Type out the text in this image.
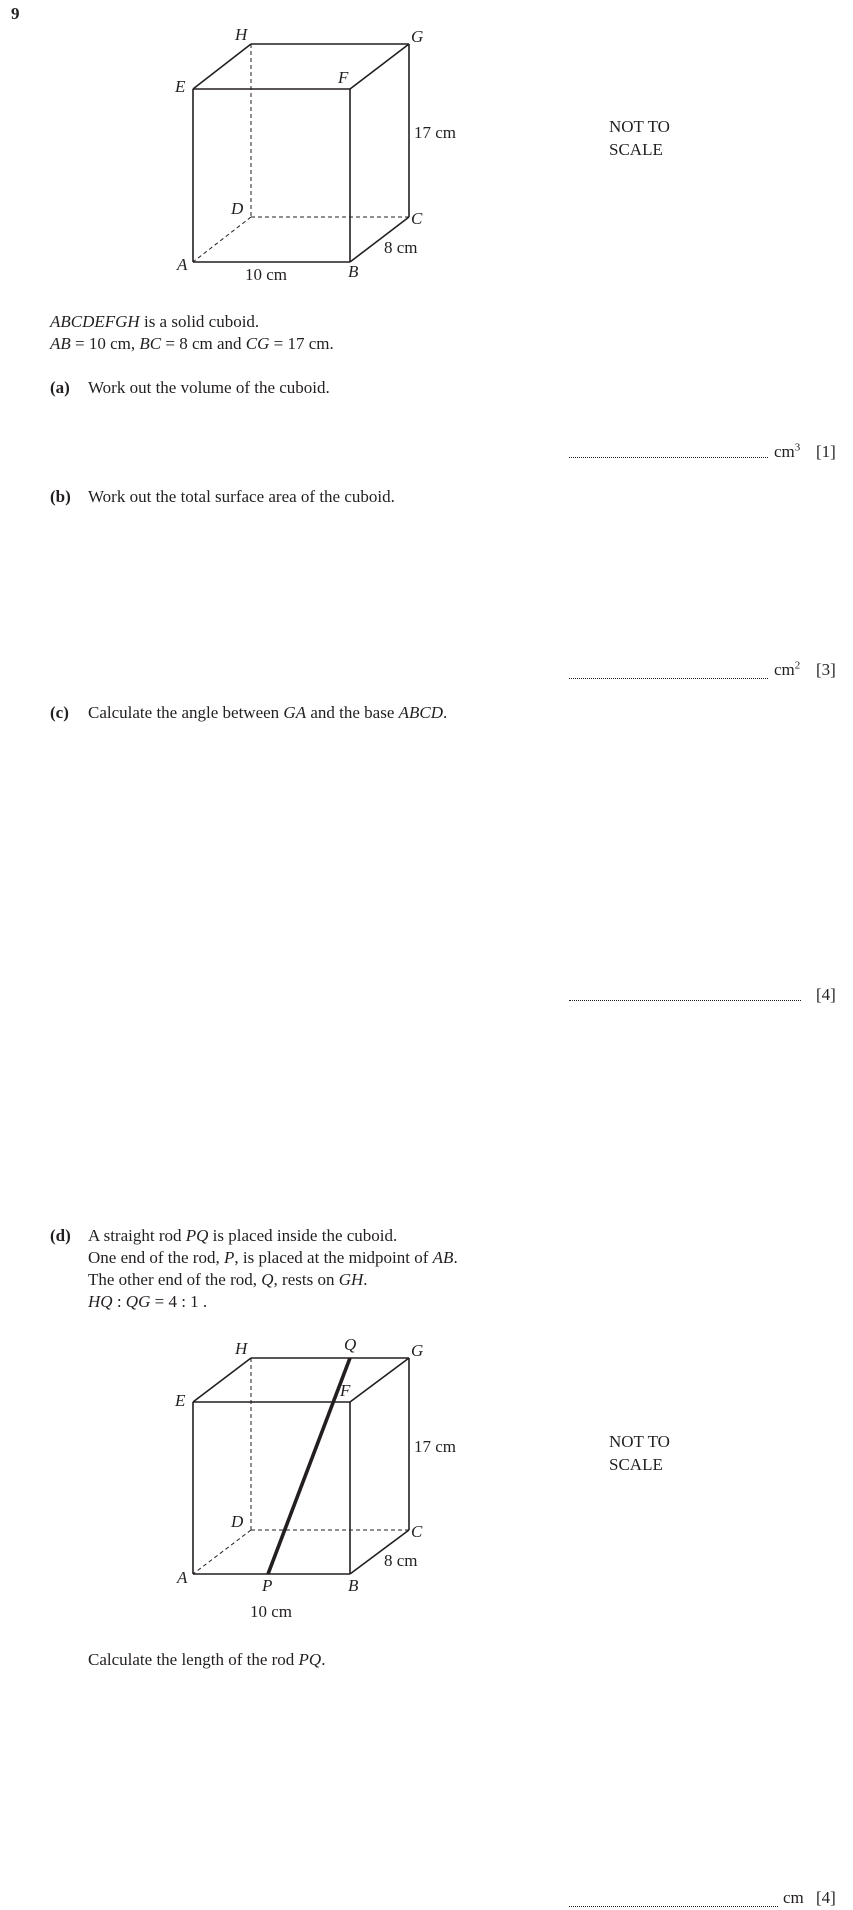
9
H	G
E	F
D
C
A	B
17 cm
8 cm
10 cm
NOT TO
SCALE
ABCDEFGH is a solid cuboid.
AB = 10 cm, BC = 8 cm and CG = 17 cm.
(a) Work out the volume of the cuboid.
$cm^3$ [1]
(b) Work out the total surface area of the cuboid.
$cm^2$ [3]
(c) Calculate the angle between GA and the base ABCD.
[4]
(d) A straight rod PQ is placed inside the cuboid.
One end of the rod, P, is placed at the midpoint of AB.
The other end of the rod, Q, rests on GH.
HQ : QG = 4 : 1 .
H	Q	G
E
F
D
C
A	P	B
17 cm
8 cm
10 cm
NOT TO
SCALE
Calculate the length of the rod PQ.
cm [4]
